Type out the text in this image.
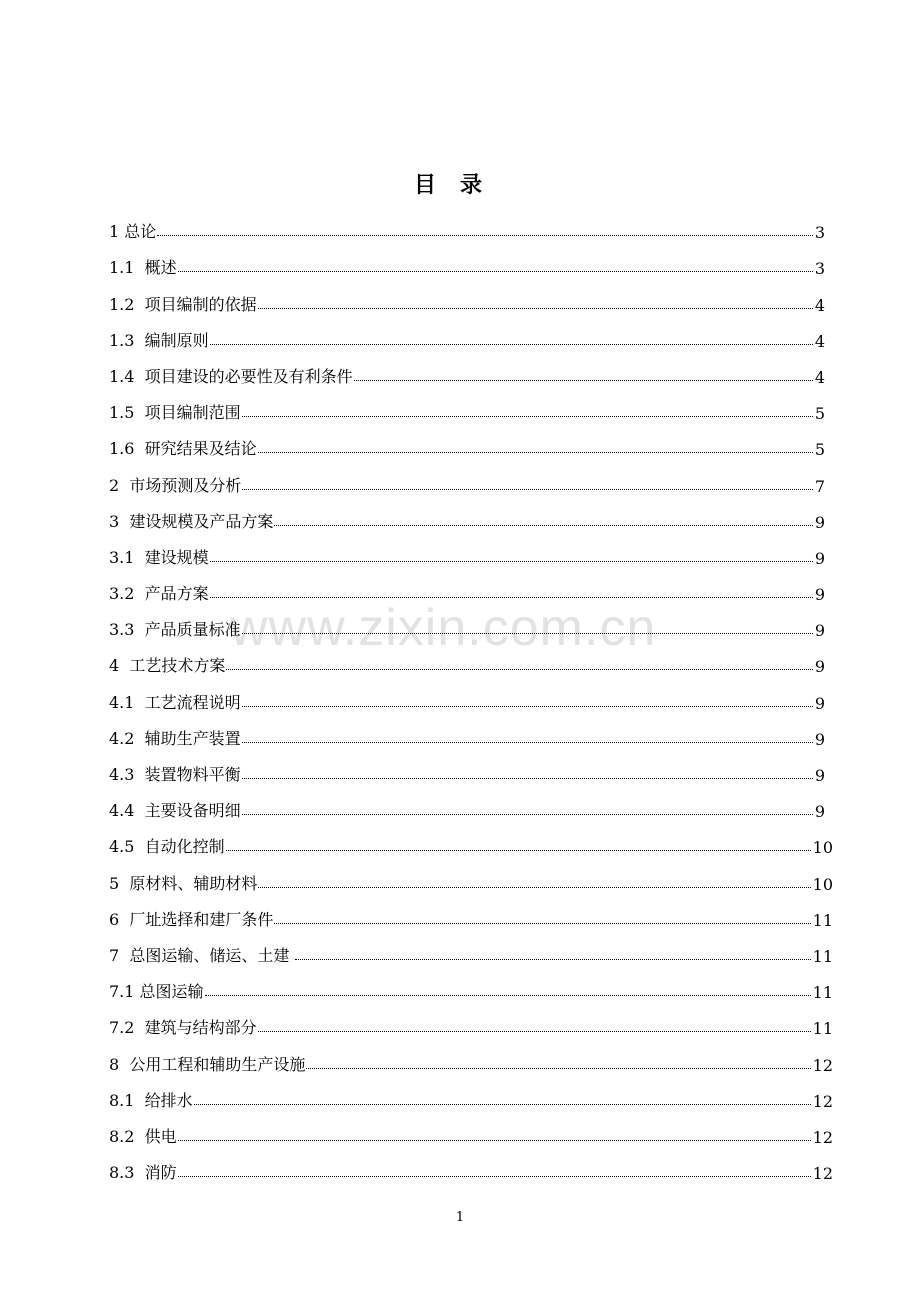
目录
www.zixin.com.cn
1 总论	3
1.1  概述	3
1.2  项目编制的依据	4
1.3  编制原则	4
1.4  项目建设的必要性及有利条件	4
1.5  项目编制范围	5
1.6  研究结果及结论	5
2  市场预测及分析	7
3  建设规模及产品方案	9
3.1  建设规模	9
3.2  产品方案	9
3.3  产品质量标准	9
4  工艺技术方案	9
4.1  工艺流程说明	9
4.2  辅助生产装置	9
4.3  装置物料平衡	9
4.4  主要设备明细	9
4.5  自动化控制	10
5  原材料、辅助材料	10
6  厂址选择和建厂条件	11
7  总图运输、储运、土建	11
7.1 总图运输	11
7.2  建筑与结构部分	11
8  公用工程和辅助生产设施	12
8.1  给排水	12
8.2  供电	12
8.3  消防	12
1
